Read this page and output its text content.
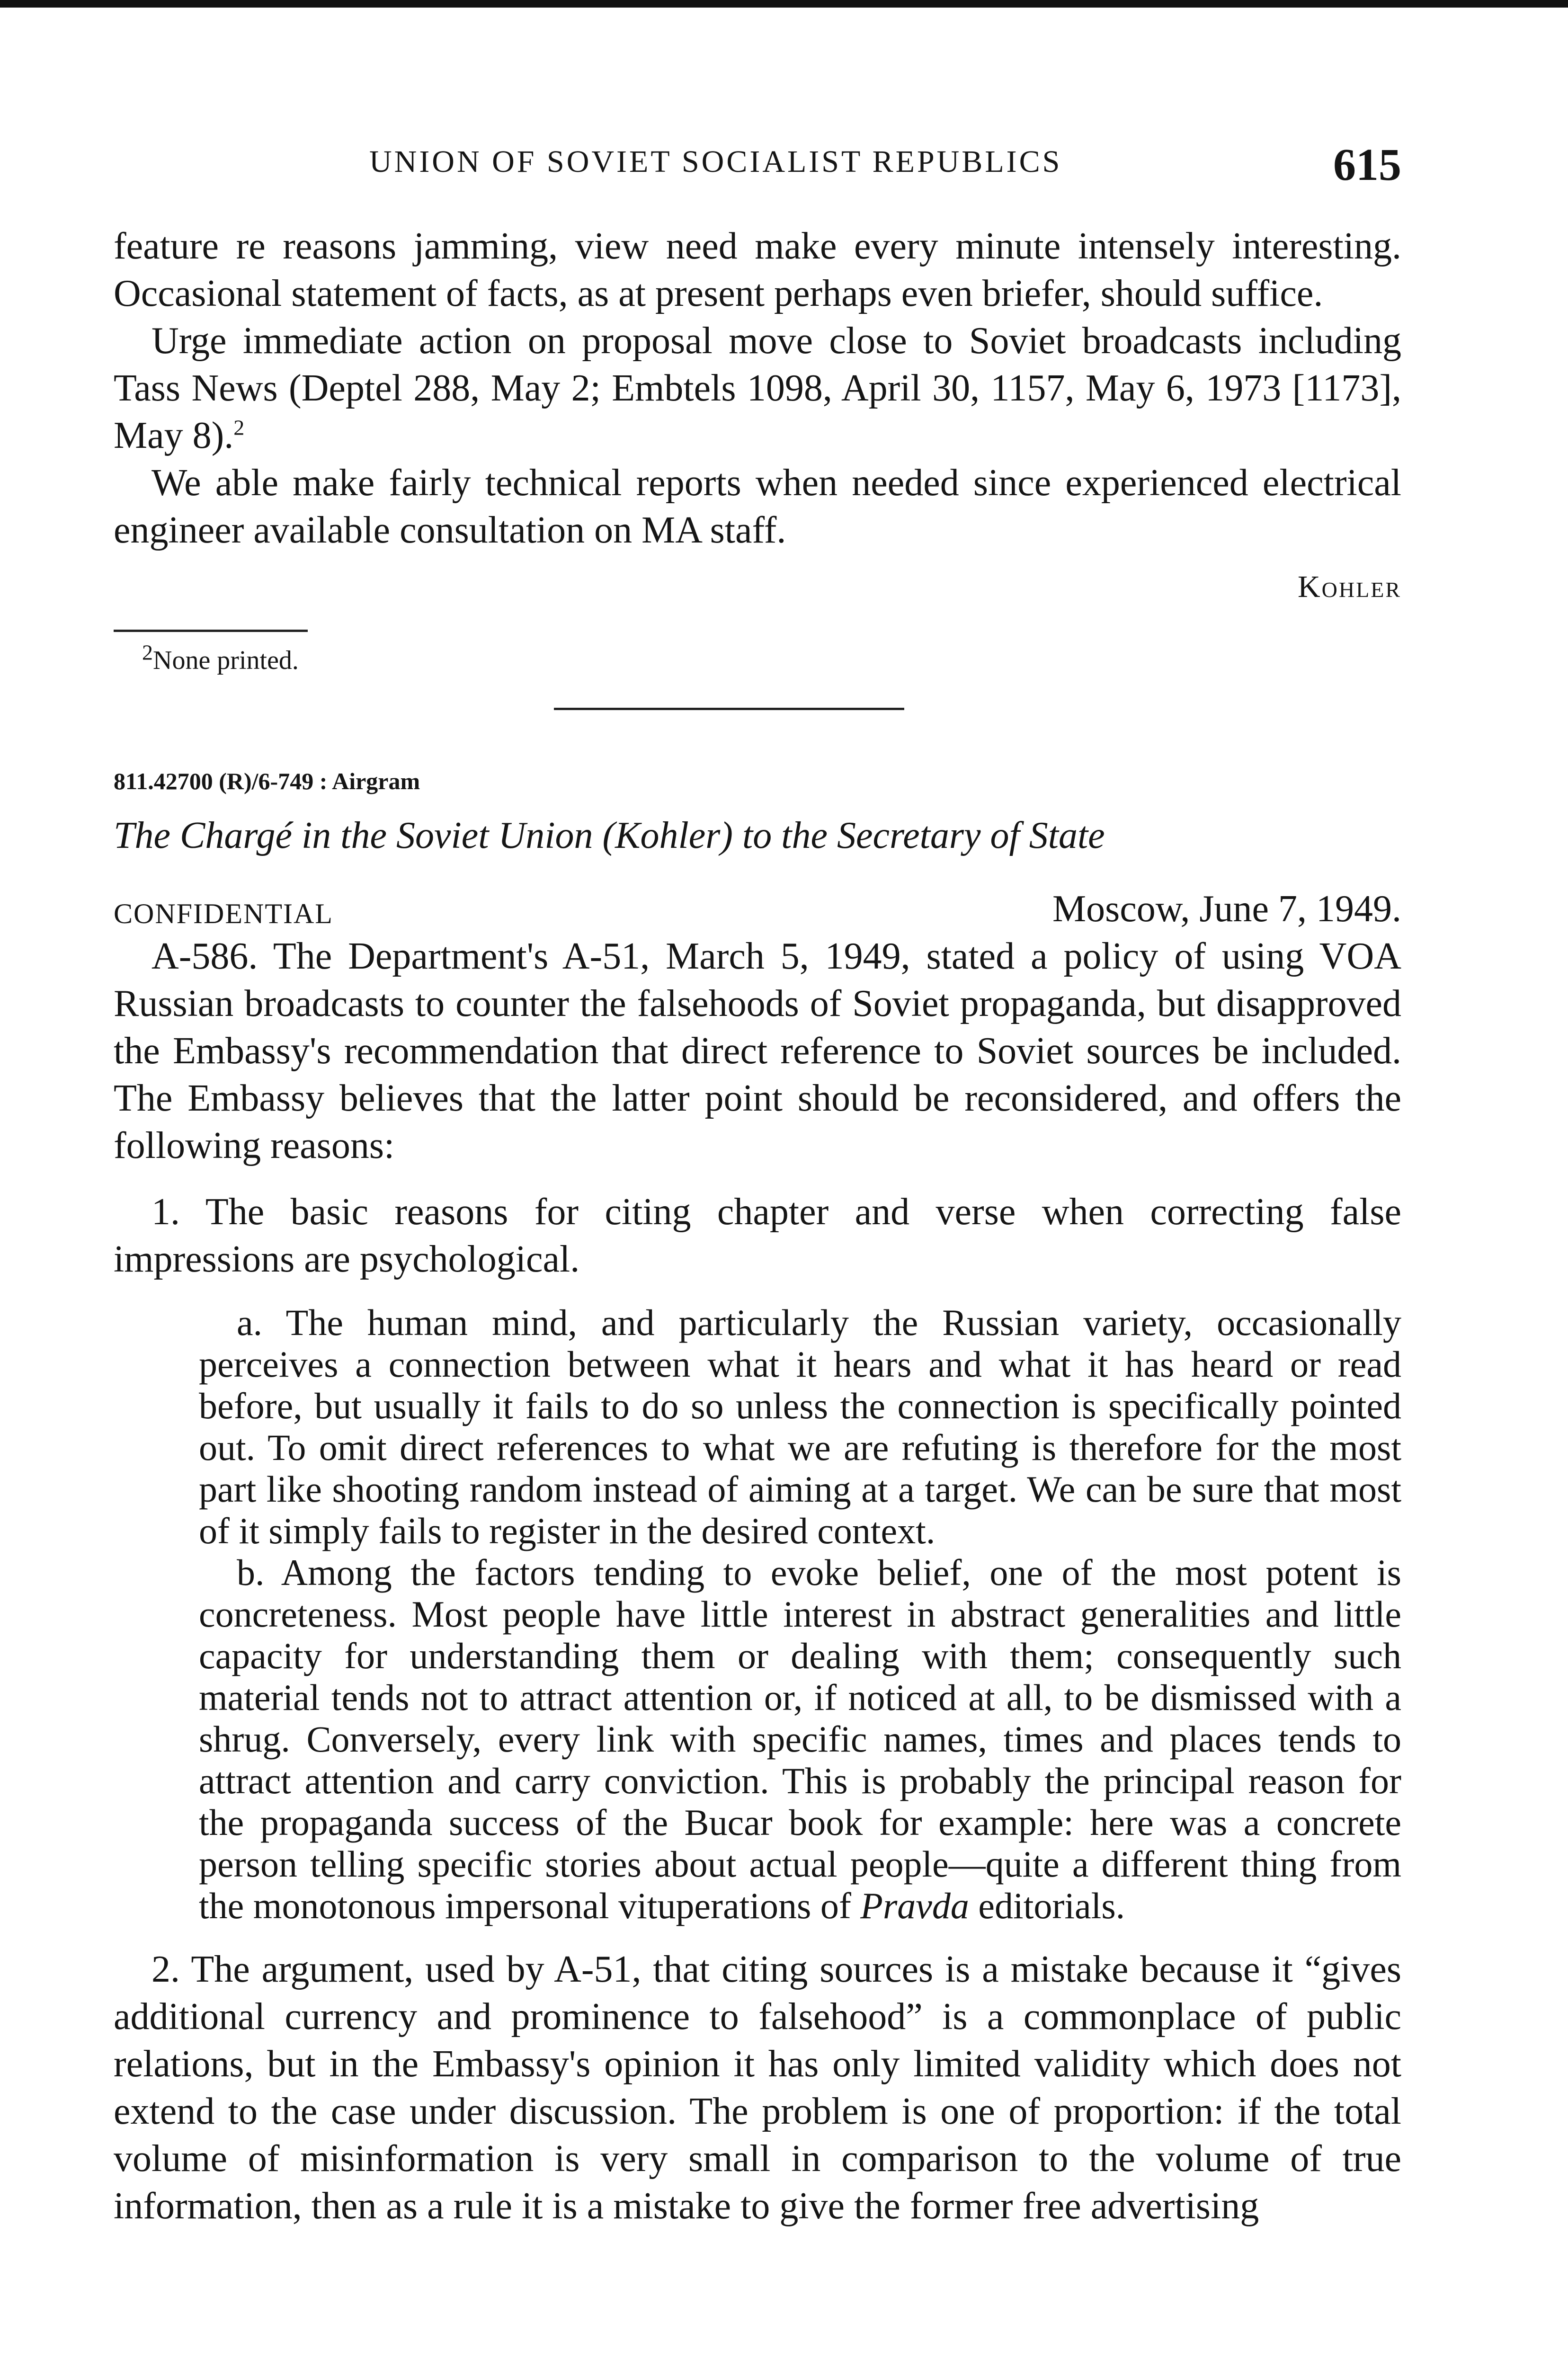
UNION OF SOVIET SOCIALIST REPUBLICS	615

feature re reasons jamming, view need make every minute intensely interesting. Occasional statement of facts, as at present perhaps even briefer, should suffice.

Urge immediate action on proposal move close to Soviet broadcasts including Tass News (Deptel 288, May 2; Embtels 1098, April 30, 1157, May 6, 1973 [1173], May 8).$^2$

We able make fairly technical reports when needed since experienced electrical engineer available consultation on MA staff.

Kohler
$^2$None printed.
811.42700 (R)/6-749 : Airgram
The Chargé in the Soviet Union (Kohler) to the Secretary of State
CONFIDENTIAL	Moscow, June 7, 1949.

A-586. The Department's A-51, March 5, 1949, stated a policy of using VOA Russian broadcasts to counter the falsehoods of Soviet propaganda, but disapproved the Embassy's recommendation that direct reference to Soviet sources be included. The Embassy believes that the latter point should be reconsidered, and offers the following reasons:

1. The basic reasons for citing chapter and verse when correcting false impressions are psychological.

a. The human mind, and particularly the Russian variety, occasionally perceives a connection between what it hears and what it has heard or read before, but usually it fails to do so unless the connection is specifically pointed out. To omit direct references to what we are refuting is therefore for the most part like shooting random instead of aiming at a target. We can be sure that most of it simply fails to register in the desired context.

b. Among the factors tending to evoke belief, one of the most potent is concreteness. Most people have little interest in abstract generalities and little capacity for understanding them or dealing with them; consequently such material tends not to attract attention or, if noticed at all, to be dismissed with a shrug. Conversely, every link with specific names, times and places tends to attract attention and carry conviction. This is probably the principal reason for the propaganda success of the Bucar book for example: here was a concrete person telling specific stories about actual people—quite a different thing from the monotonous impersonal vituperations of Pravda editorials.

2. The argument, used by A-51, that citing sources is a mistake because it “gives additional currency and prominence to falsehood” is a commonplace of public relations, but in the Embassy's opinion it has only limited validity which does not extend to the case under discussion. The problem is one of proportion: if the total volume of misinformation is very small in comparison to the volume of true information, then as a rule it is a mistake to give the former free advertising
